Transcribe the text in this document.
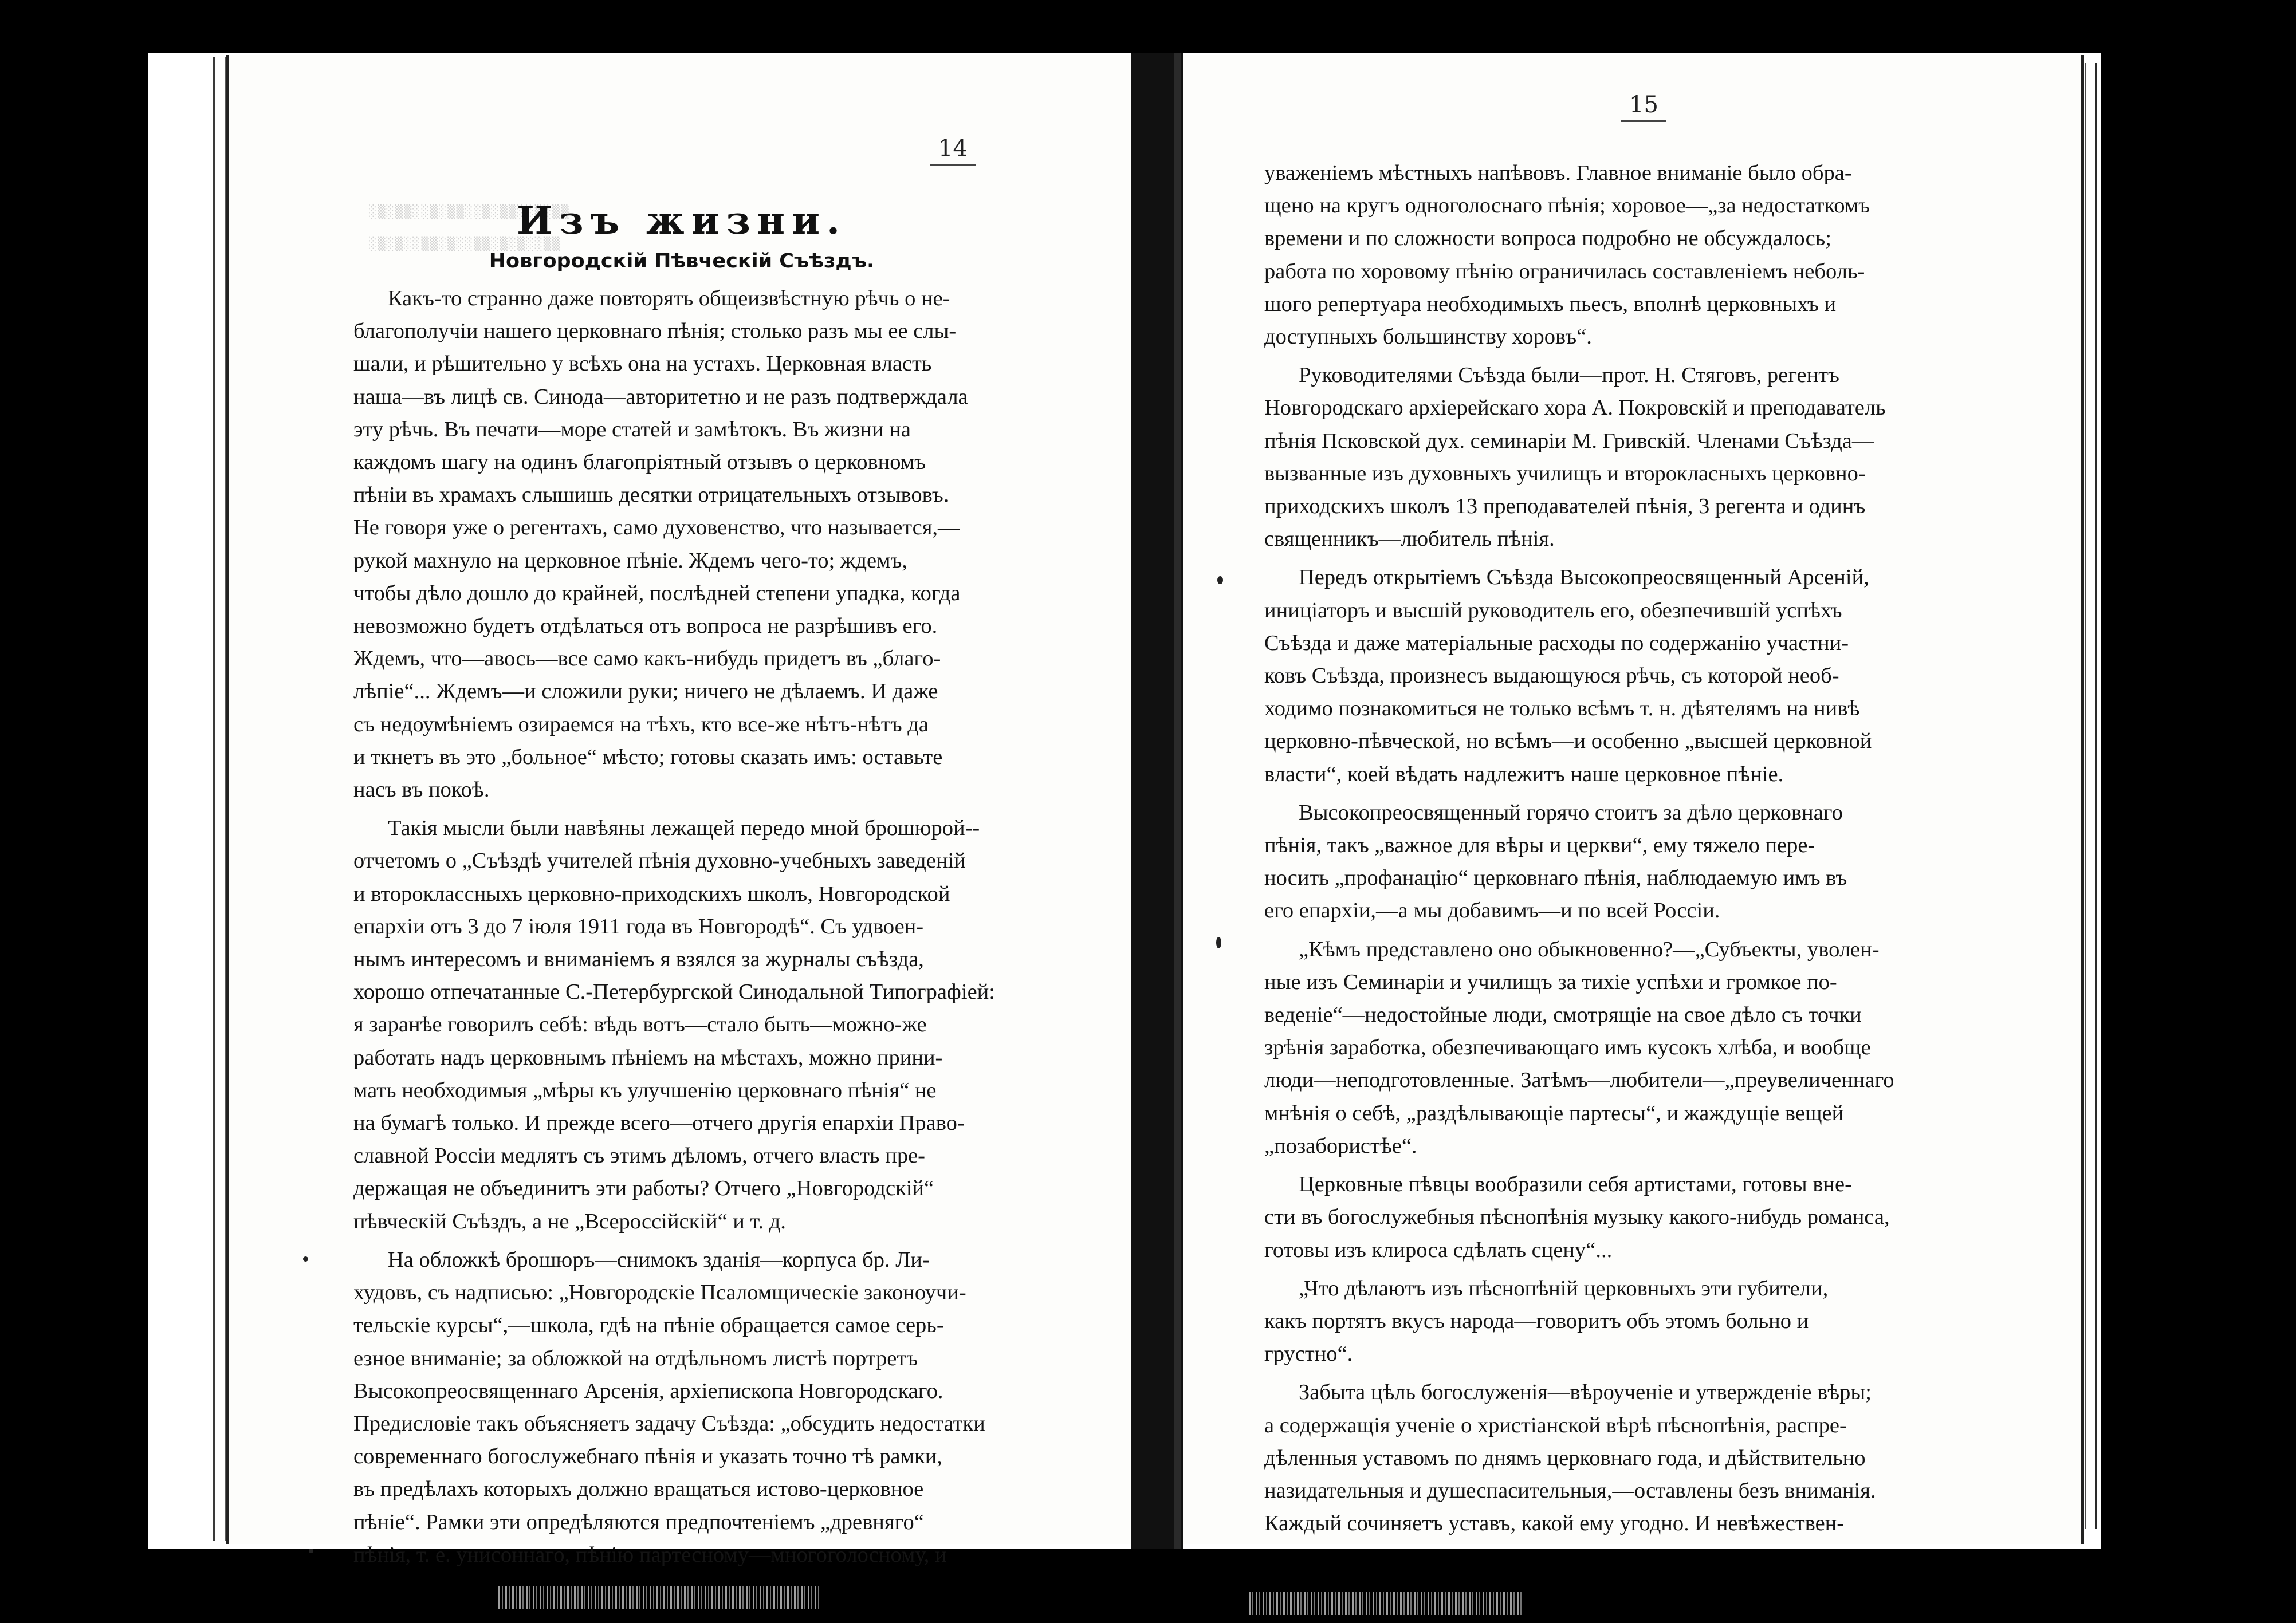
14
░▒░▒▒░░▒░▒▒░░▒░▒▒░░▒░▒▒
░▒░▒░░▒▒░▒░░▒▒░▒░▒░░▒▒
Изъ жизни.
Новгородскій Пѣвческій Съѣздъ.
Какъ-то странно даже повторять общеизвѣстную рѣчь о не-
благополучіи нашего церковнаго пѣнія; столько разъ мы ее слы-
шали, и рѣшительно у всѣхъ она на устахъ. Церковная власть
наша—въ лицѣ св. Синода—авторитетно и не разъ подтверждала
эту рѣчь. Въ печати—море статей и замѣтокъ. Въ жизни на
каждомъ шагу на одинъ благопріятный отзывъ о церковномъ
пѣніи въ храмахъ слышишь десятки отрицательныхъ отзывовъ.
Не говоря уже о регентахъ, само духовенство, что называется,—
рукой махнуло на церковное пѣніе. Ждемъ чего-то; ждемъ,
чтобы дѣло дошло до крайней, послѣдней степени упадка, когда
невозможно будетъ отдѣлаться отъ вопроса не разрѣшивъ его.
Ждемъ, что—авось—все само какъ-нибудь придетъ въ „благо-
лѣпіе“... Ждемъ—и сложили руки; ничего не дѣлаемъ. И даже
съ недоумѣніемъ озираемся на тѣхъ, кто все-же нѣтъ-нѣтъ да
и ткнетъ въ это „больное“ мѣсто; готовы сказать имъ: оставьте
насъ въ покоѣ.
Такія мысли были навѣяны лежащей передо мной брошюрой--
отчетомъ о „Съѣздѣ учителей пѣнія духовно-учебныхъ заведеній
и второклассныхъ церковно-приходскихъ школъ, Новгородской
епархіи отъ 3 до 7 іюля 1911 года въ Новгородѣ“. Съ удвоен-
нымъ интересомъ и вниманіемъ я взялся за журналы съѣзда,
хорошо отпечатанные С.-Петербургской Синодальной Типографіей:
я заранѣе говорилъ себѣ: вѣдь вотъ—стало быть—можно-же
работать надъ церковнымъ пѣніемъ на мѣстахъ, можно прини-
мать необходимыя „мѣры къ улучшенію церковнаго пѣнія“ не
на бумагѣ только. И прежде всего—отчего другія епархіи Право-
славной Россіи медлятъ съ этимъ дѣломъ, отчего власть пре-
держащая не объединитъ эти работы? Отчего „Новгородскій“
пѣвческій Съѣздъ, а не „Всероссійскій“ и т. д.
На обложкѣ брошюръ—снимокъ зданія—корпуса бр. Ли-
худовъ, съ надписью: „Новгородскіе Псаломщическіе законоучи-
тельскіе курсы“,—школа, гдѣ на пѣніе обращается самое серь-
езное вниманіе; за обложкой на отдѣльномъ листѣ портретъ
Высокопреосвященнаго Арсенія, архіепископа Новгородскаго.
Предисловіе такъ объясняетъ задачу Съѣзда: „обсудить недостатки
современнаго богослужебнаго пѣнія и указать точно тѣ рамки,
въ предѣлахъ которыхъ должно вращаться истово-церковное
пѣніе“. Рамки эти опредѣляются предпочтеніемъ „древняго“
пѣнія, т. е. унисоннаго, пѣнію партесному—многоголосному, и
15
уваженіемъ мѣстныхъ напѣвовъ. Главное вниманіе было обра-
щено на кругъ одноголоснаго пѣнія; хоровое—„за недостаткомъ
времени и по сложности вопроса подробно не обсуждалось;
работа по хоровому пѣнію ограничилась составленіемъ неболь-
шого репертуара необходимыхъ пьесъ, вполнѣ церковныхъ и
доступныхъ большинству хоровъ“.
Руководителями Съѣзда были—прот. Н. Стяговъ, регентъ
Новгородскаго архіерейскаго хора А. Покровскій и преподаватель
пѣнія Псковской дух. семинаріи М. Гривскій. Членами Съѣзда—
вызванные изъ духовныхъ училищъ и второкласныхъ церковно-
приходскихъ школъ 13 преподавателей пѣнія, 3 регента и одинъ
священникъ—любитель пѣнія.
Передъ открытіемъ Съѣзда Высокопреосвященный Арсеній,
иниціаторъ и высшій руководитель его, обезпечившій успѣхъ
Съѣзда и даже матеріальные расходы по содержанію участни-
ковъ Съѣзда, произнесъ выдающуюся рѣчь, съ которой необ-
ходимо познакомиться не только всѣмъ т. н. дѣятелямъ на нивѣ
церковно-пѣвческой, но всѣмъ—и особенно „высшей церковной
власти“, коей вѣдать надлежитъ наше церковное пѣніе.
Высокопреосвященный горячо стоитъ за дѣло церковнаго
пѣнія, такъ „важное для вѣры и церкви“, ему тяжело пере-
носить „профанацію“ церковнаго пѣнія, наблюдаемую имъ въ
его епархіи,—а мы добавимъ—и по всей Россіи.
„Кѣмъ представлено оно обыкновенно?—„Субъекты, уволен-
ные изъ Семинаріи и училищъ за тихіе успѣхи и громкое по-
веденіе“—недостойные люди, смотрящіе на свое дѣло съ точки
зрѣнія заработка, обезпечивающаго имъ кусокъ хлѣба, и вообще
люди—неподготовленные. Затѣмъ—любители—„преувеличеннаго
мнѣнія о себѣ, „раздѣлывающіе партесы“, и жаждущіе вещей
„позабористѣе“.
Церковные пѣвцы вообразили себя артистами, готовы вне-
сти въ богослужебныя пѣснопѣнія музыку какого-нибудь романса,
готовы изъ клироса сдѣлать сцену“...
„Что дѣлаютъ изъ пѣснопѣній церковныхъ эти губители,
какъ портятъ вкусъ народа—говоритъ объ этомъ больно и
грустно“.
Забыта цѣль богослуженія—вѣроученіе и утвержденіе вѣры;
а содержащія ученіе о христіанской вѣрѣ пѣснопѣнія, распре-
дѣленныя уставомъ по днямъ церковнаго года, и дѣйствительно
назидательныя и душеспасительныя,—оставлены безъ вниманія.
Каждый сочиняетъ уставъ, какой ему угодно. И невѣжествен-
